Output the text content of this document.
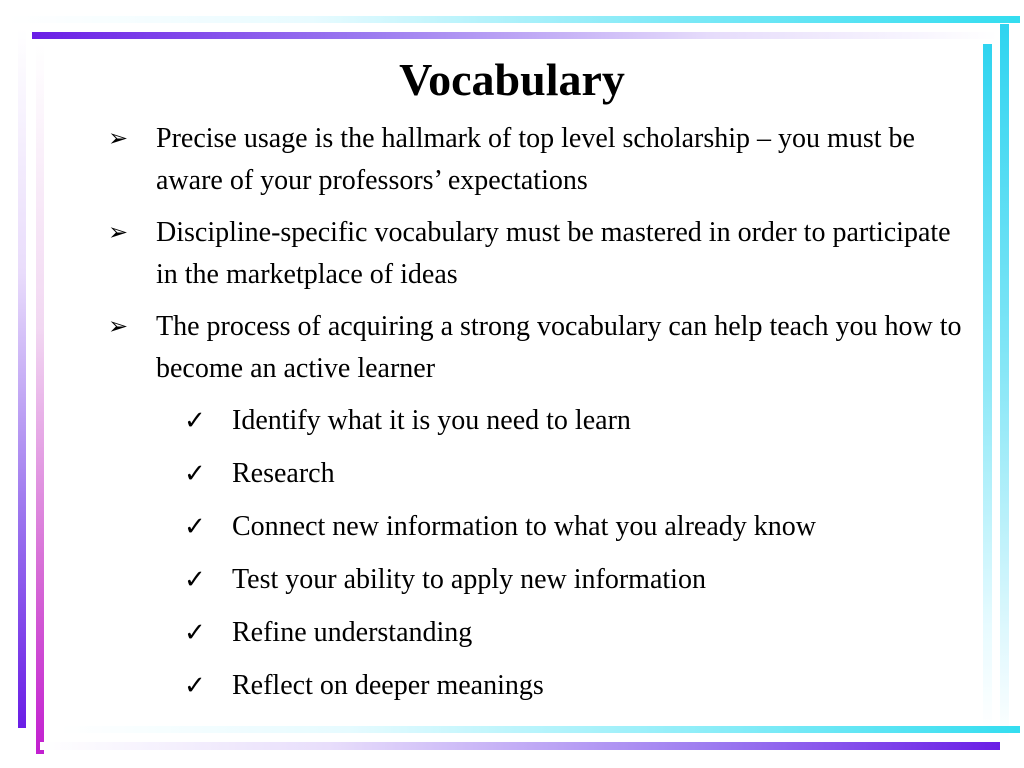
Vocabulary
➢ Precise usage is the hallmark of top level scholarship – you must be aware of your professors’ expectations
➢ Discipline-specific vocabulary must be mastered in order to participate in the marketplace of ideas
➢ The process of acquiring a strong vocabulary can help teach you how to become an active learner
✓ Identify what it is you need to learn
✓ Research
✓ Connect new information to what you already know
✓ Test your ability to apply new information
✓ Refine understanding
✓ Reflect on deeper meanings
